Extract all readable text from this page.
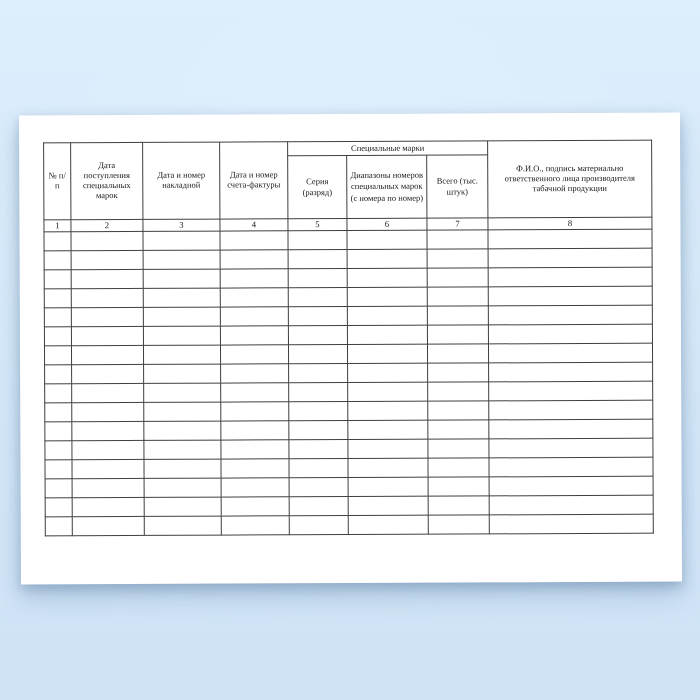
№ п/п	Дата поступления специальных марок	Дата и номер накладной	Дата и номер счета-фактуры	Специальные марки			Ф.И.О., подпись материально ответственного лица производителя табачной продукции
				Серия (разряд)	Диапазоны номеров специальных марок (с номера по номер)	Всего (тыс. штук)	
1	2	3	4	5	6	7	8
